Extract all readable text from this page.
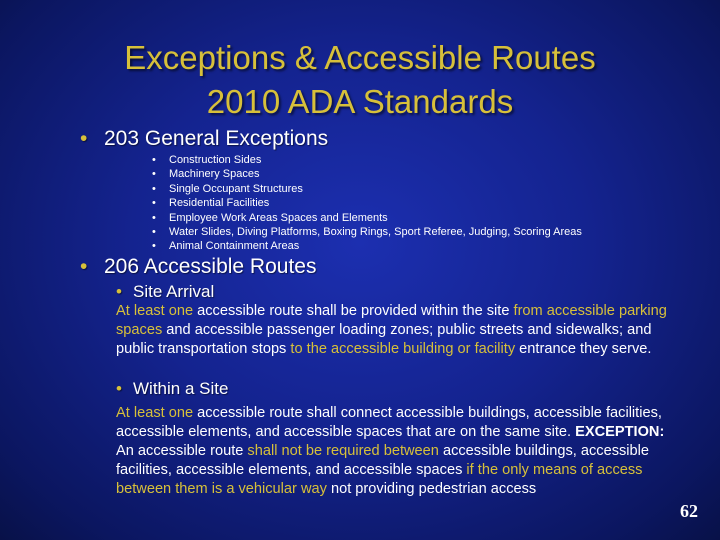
Exceptions & Accessible Routes
2010 ADA Standards
• 203 General Exceptions
• Construction Sides
• Machinery Spaces
• Single Occupant Structures
• Residential Facilities
• Employee Work Areas Spaces and Elements
• Water Slides, Diving Platforms, Boxing Rings, Sport Referee, Judging, Scoring Areas
• Animal Containment Areas
• 206 Accessible Routes
• Site Arrival
At least one accessible route shall be provided within the site from accessible parking spaces and accessible passenger loading zones; public streets and sidewalks; and public transportation stops to the accessible building or facility entrance they serve.
• Within a Site
At least one accessible route shall connect accessible buildings, accessible facilities, accessible elements, and accessible spaces that are on the same site. EXCEPTION: An accessible route shall not be required between accessible buildings, accessible facilities, accessible elements, and accessible spaces if the only means of access between them is a vehicular way not providing pedestrian access
62
